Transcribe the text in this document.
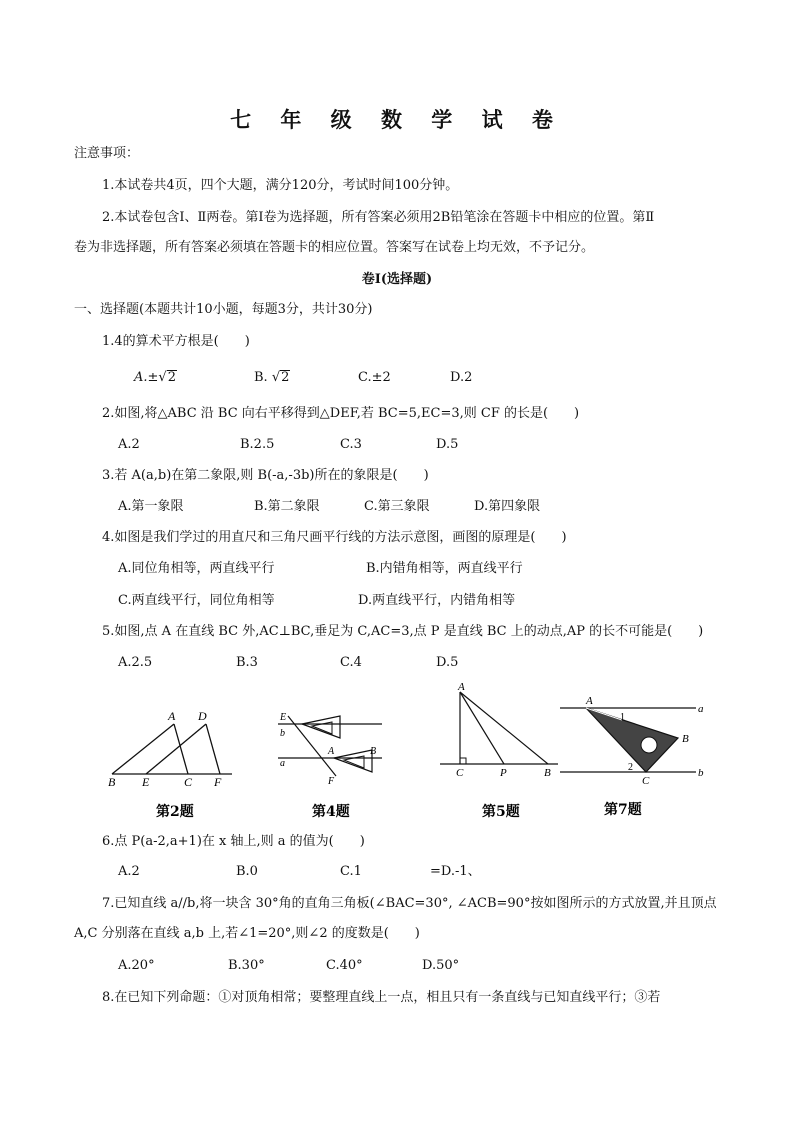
七 年 级 数 学 试 卷
注意事项：
1.本试卷共4页，四个大题，满分120分，考试时间100分钟。
2.本试卷包含Ⅰ、Ⅱ两卷。第Ⅰ卷为选择题，所有答案必须用2B铅笔涂在答题卡中相应的位置。第Ⅱ
卷为非选择题，所有答案必须填在答题卡的相应位置。答案写在试卷上均无效，不予记分。
卷Ⅰ(选择题)
一、选择题(本题共计10小题，每题3分，共计30分)
1.4的算术平方根是(　　)
A.±√2	B. √2	C.±2	D.2
2.如图,将△ABC 沿 BC 向右平移得到△DEF,若 BC=5,EC=3,则 CF 的长是(　　)
A.2	B.2.5	C.3	D.5
3.若 A(a,b)在第二象限,则 B(-a,-3b)所在的象限是(　　)
A.第一象限	B.第二象限	C.第三象限	D.第四象限
4.如图是我们学过的用直尺和三角尺画平行线的方法示意图，画图的原理是(　　)
A.同位角相等，两直线平行	B.内错角相等，两直线平行
C.两直线平行，同位角相等	D.两直线平行，内错角相等
5.如图,点 A 在直线 BC 外,AC⊥BC,垂足为 C,AC=3,点 P 是直线 BC 上的动点,AP 的长不可能是(　　)
A.2.5	B.3	C.4	D.5
A D
B E	C F
第2题
E
b
A	B
a
F
第4题
A
C	P	B
第5题
A
1
a
B
2
C
b
第7题
6.点 P(a-2,a+1)在 x 轴上,则 a 的值为(　　)
A.2	B.0	C.1	=D.-1、
7.已知直线 a//b,将一块含 30°角的直角三角板(∠BAC=30°, ∠ACB=90°按如图所示的方式放置,并且顶点
A,C 分别落在直线 a,b 上,若∠1=20°,则∠2 的度数是(　　)
A.20°	B.30°	C.40°	D.50°
8.在已知下列命题：①对顶角相常；要整理直线上一点，相且只有一条直线与已知直线平行；③若
